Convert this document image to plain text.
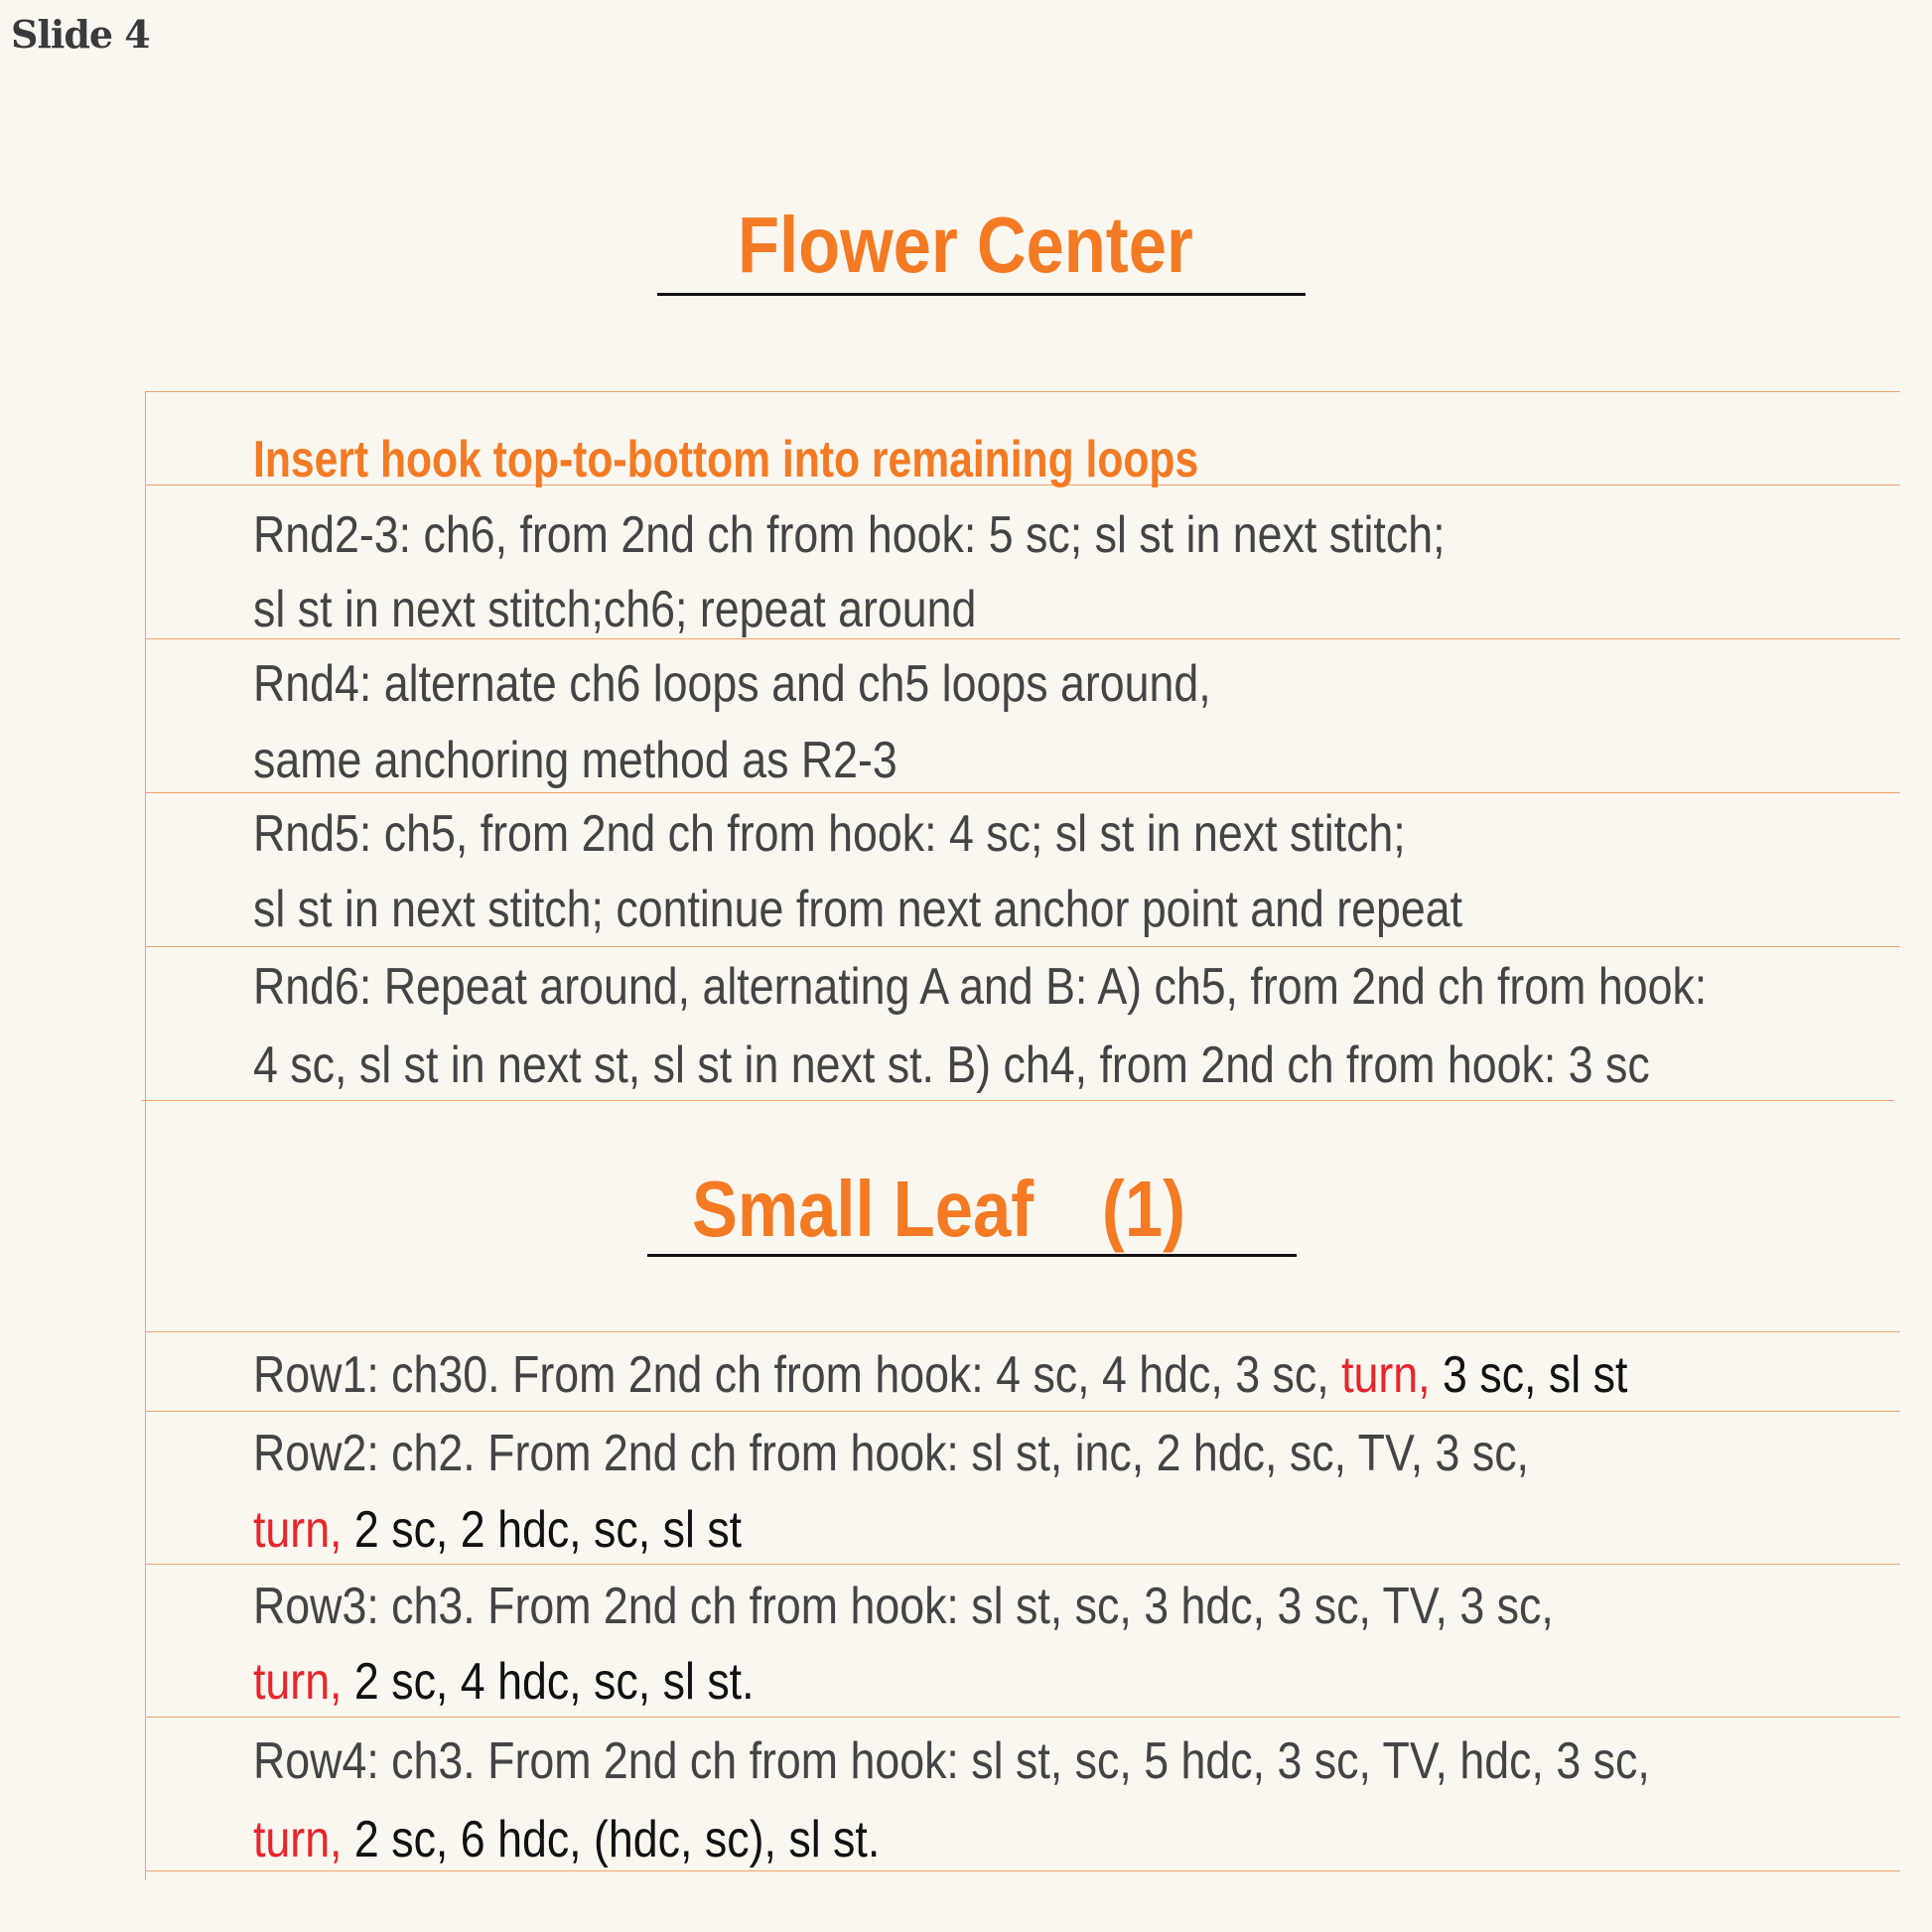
Slide 4
Flower Center
Insert hook top-to-bottom into remaining loops
Rnd2-3: ch6, from 2nd ch from hook: 5 sc; sl st in next stitch;
sl st in next stitch;ch6; repeat around
Rnd4: alternate ch6 loops and ch5 loops around,
same anchoring method as R2-3
Rnd5: ch5, from 2nd ch from hook: 4 sc; sl st in next stitch;
sl st in next stitch; continue from next anchor point and repeat
Rnd6: Repeat around, alternating A and B: A) ch5, from 2nd ch from hook:
4 sc, sl st in next st, sl st in next st. B) ch4, from 2nd ch from hook: 3 sc
Small Leaf　(1)
Row1: ch30. From 2nd ch from hook: 4 sc, 4 hdc, 3 sc, turn, 3 sc, sl st
Row2: ch2. From 2nd ch from hook: sl st, inc, 2 hdc, sc, TV, 3 sc,
turn, 2 sc, 2 hdc, sc, sl st
Row3: ch3. From 2nd ch from hook: sl st, sc, 3 hdc, 3 sc, TV, 3 sc,
turn, 2 sc, 4 hdc, sc, sl st.
Row4: ch3. From 2nd ch from hook: sl st, sc, 5 hdc, 3 sc, TV, hdc, 3 sc,
turn, 2 sc, 6 hdc, (hdc, sc), sl st.
